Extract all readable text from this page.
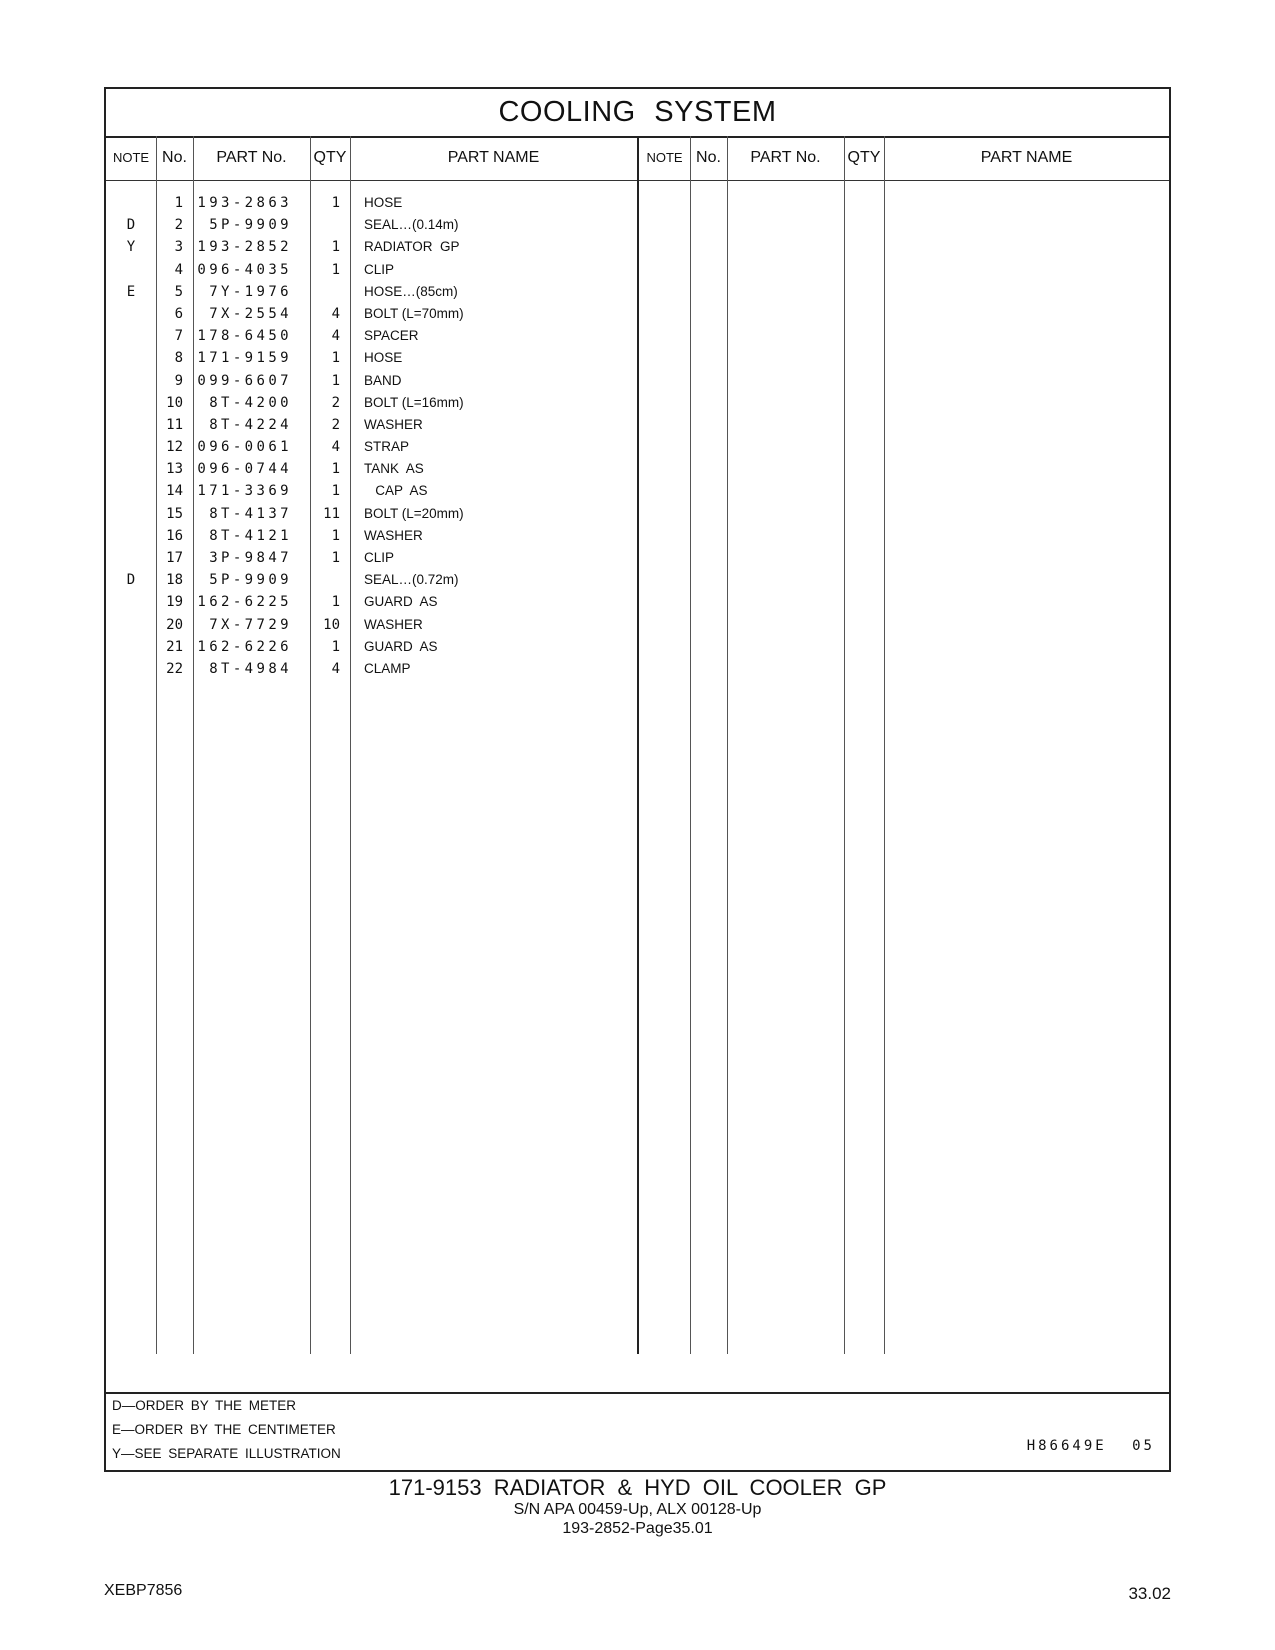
COOLING SYSTEM
NOTE No.	PART No.	QTY	PART NAME	NOTE No.	PART No.	QTY	PART NAME
1 193-2863	1 HOSE
D	2	5P-9909	SEAL…(0.14m)
Y	3 193-2852	1 RADIATOR  GP
4 096-4035	1 CLIP
E	5	7Y-1976	HOSE…(85cm)
6	7X-2554	4 BOLT (L=70mm)
7 178-6450	4 SPACER
8 171-9159	1 HOSE
9 099-6607	1 BAND
10	8T-4200	2 BOLT (L=16mm)
11	8T-4224	2 WASHER
12 096-0061	4 STRAP
13 096-0744	1 TANK  AS
14 171-3369	1 CAP  AS
15	8T-4137	11 BOLT (L=20mm)
16	8T-4121	1 WASHER
17	3P-9847	1 CLIP
D	18	5P-9909	SEAL…(0.72m)
19 162-6225	1 GUARD  AS
20	7X-7729	10 WASHER
21 162-6226	1 GUARD  AS
22	8T-4984	4 CLAMP
D—ORDER BY THE METER
E—ORDER BY THE CENTIMETER
Y—SEE SEPARATE ILLUSTRATION	H86649E 05
171-9153 RADIATOR & HYD OIL COOLER GP
S/N APA 00459-Up, ALX 00128-Up
193-2852-Page35.01
XEBP7856	33.02
